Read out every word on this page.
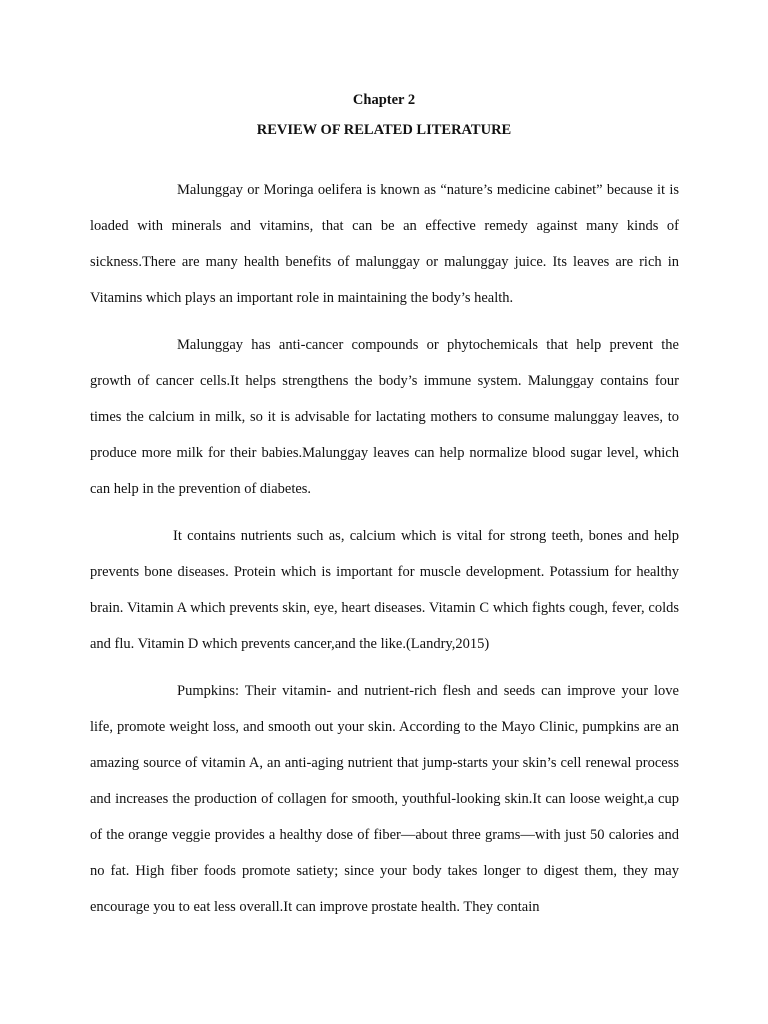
Chapter 2
REVIEW OF RELATED LITERATURE

Malunggay or Moringa oelifera is known as “nature’s medicine cabinet” because it is loaded with minerals and vitamins, that can be an effective remedy against many kinds of sickness.There are many health benefits of malunggay or malunggay juice. Its leaves are rich in Vitamins which plays an important role in maintaining the body’s health.

Malunggay has anti-cancer compounds or phytochemicals that help prevent the growth of cancer cells.It helps strengthens the body’s immune system. Malunggay contains four times the calcium in milk, so it is advisable for lactating mothers to consume malunggay leaves, to produce more milk for their babies.Malunggay leaves can help normalize blood sugar level, which can help in the prevention of diabetes.

It contains nutrients such as, calcium which is vital for strong teeth, bones and help prevents bone diseases. Protein which is important for muscle development. Potassium for healthy brain. Vitamin A which prevents skin, eye, heart diseases. Vitamin C which fights cough, fever, colds and flu. Vitamin D which prevents cancer,and the like.(Landry,2015)

Pumpkins: Their vitamin- and nutrient-rich flesh and seeds can improve your love life, promote weight loss, and smooth out your skin. According to the Mayo Clinic, pumpkins are an amazing source of vitamin A, an anti-aging nutrient that jump-starts your skin’s cell renewal process and increases the production of collagen for smooth, youthful-looking skin.It can loose weight,a cup of the orange veggie provides a healthy dose of fiber—about three grams—with just 50 calories and no fat. High fiber foods promote satiety; since your body takes longer to digest them, they may encourage you to eat less overall.It can improve prostate health. They contain
